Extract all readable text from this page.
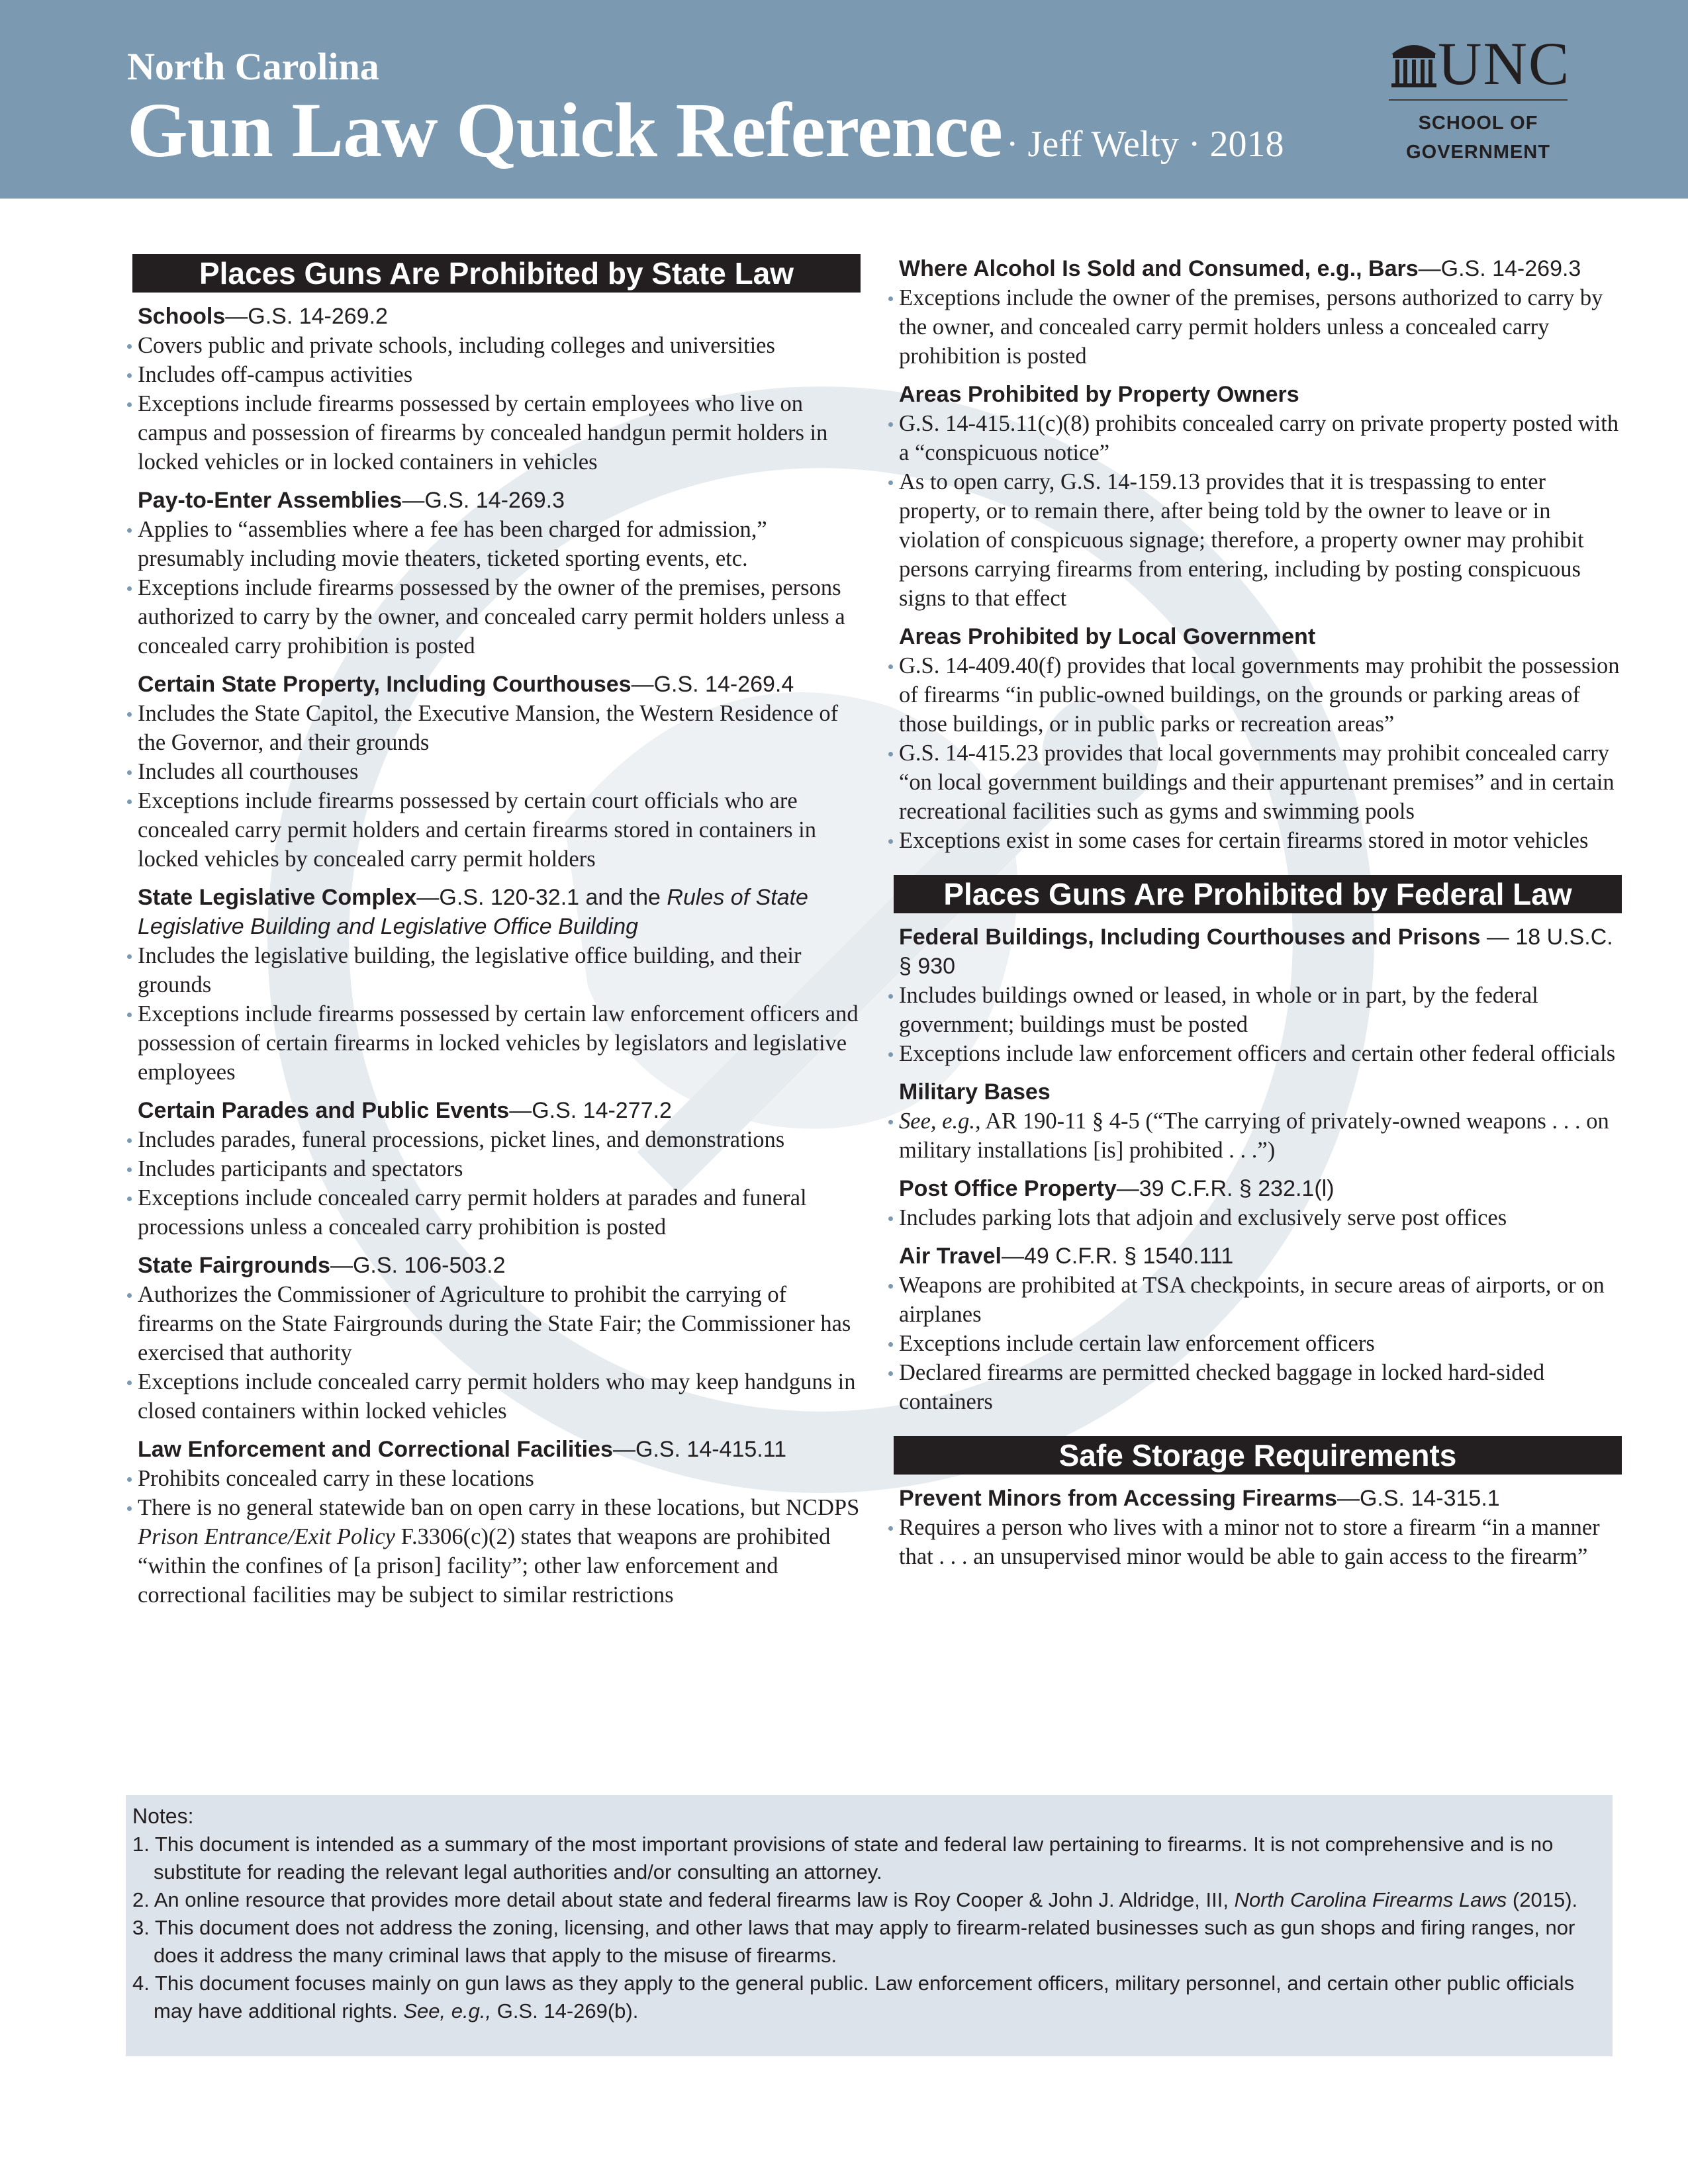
North Carolina
Gun Law Quick Reference · Jeff Welty · 2018
UNC
SCHOOL OF
GOVERNMENT
Places Guns Are Prohibited by State Law
Schools—G.S. 14-269.2
Covers public and private schools, including colleges and universities
Includes off-campus activities
Exceptions include firearms possessed by certain employees who live on campus and possession of firearms by concealed handgun permit holders in locked vehicles or in locked containers in vehicles
Pay-to-Enter Assemblies—G.S. 14-269.3
Applies to “assemblies where a fee has been charged for admission,” presumably including movie theaters, ticketed sporting events, etc.
Exceptions include firearms possessed by the owner of the premises, persons authorized to carry by the owner, and concealed carry permit holders unless a concealed carry prohibition is posted
Certain State Property, Including Courthouses—G.S. 14-269.4
Includes the State Capitol, the Executive Mansion, the Western Residence of the Governor, and their grounds
Includes all courthouses
Exceptions include firearms possessed by certain court officials who are concealed carry permit holders and certain firearms stored in containers in locked vehicles by concealed carry permit holders
State Legislative Complex—G.S. 120-32.1 and the Rules of State Legislative Building and Legislative Office Building
Includes the legislative building, the legislative office building, and their grounds
Exceptions include firearms possessed by certain law enforcement officers and possession of certain firearms in locked vehicles by legislators and legislative employees
Certain Parades and Public Events—G.S. 14-277.2
Includes parades, funeral processions, picket lines, and demonstrations
Includes participants and spectators
Exceptions include concealed carry permit holders at parades and funeral processions unless a concealed carry prohibition is posted
State Fairgrounds—G.S. 106-503.2
Authorizes the Commissioner of Agriculture to prohibit the carrying of firearms on the State Fairgrounds during the State Fair; the Commissioner has exercised that authority
Exceptions include concealed carry permit holders who may keep handguns in closed containers within locked vehicles
Law Enforcement and Correctional Facilities—G.S. 14-415.11
Prohibits concealed carry in these locations
There is no general statewide ban on open carry in these locations, but NCDPS Prison Entrance/Exit Policy F.3306(c)(2) states that weapons are prohibited “within the confines of [a prison] facility”; other law enforcement and correctional facilities may be subject to similar restrictions
Where Alcohol Is Sold and Consumed, e.g., Bars—G.S. 14-269.3
Exceptions include the owner of the premises, persons authorized to carry by the owner, and concealed carry permit holders unless a concealed carry prohibition is posted
Areas Prohibited by Property Owners
G.S. 14-415.11(c)(8) prohibits concealed carry on private property posted with a “conspicuous notice”
As to open carry, G.S. 14-159.13 provides that it is trespassing to enter property, or to remain there, after being told by the owner to leave or in violation of conspicuous signage; therefore, a property owner may prohibit persons carrying firearms from entering, including by posting conspicuous signs to that effect
Areas Prohibited by Local Government
G.S. 14-409.40(f) provides that local governments may prohibit the possession of firearms “in public-owned buildings, on the grounds or parking areas of those buildings, or in public parks or recreation areas”
G.S. 14-415.23 provides that local governments may prohibit concealed carry “on local government buildings and their appurtenant premises” and in certain recreational facilities such as gyms and swimming pools
Exceptions exist in some cases for certain firearms stored in motor vehicles
Places Guns Are Prohibited by Federal Law
Federal Buildings, Including Courthouses and Prisons — 18 U.S.C. § 930
Includes buildings owned or leased, in whole or in part, by the federal government; buildings must be posted
Exceptions include law enforcement officers and certain other federal officials
Military Bases
See, e.g., AR 190-11 § 4-5 (“The carrying of privately-owned weapons . . . on military installations [is] prohibited . . .”)
Post Office Property—39 C.F.R. § 232.1(l)
Includes parking lots that adjoin and exclusively serve post offices
Air Travel—49 C.F.R. § 1540.111
Weapons are prohibited at TSA checkpoints, in secure areas of airports, or on airplanes
Exceptions include certain law enforcement officers
Declared firearms are permitted checked baggage in locked hard-sided containers
Safe Storage Requirements
Prevent Minors from Accessing Firearms—G.S. 14-315.1
Requires a person who lives with a minor not to store a firearm “in a manner that . . . an unsupervised minor would be able to gain access to the firearm”
Notes:
1. This document is intended as a summary of the most important provisions of state and federal law pertaining to firearms. It is not comprehensive and is no substitute for reading the relevant legal authorities and/or consulting an attorney.
2. An online resource that provides more detail about state and federal firearms law is Roy Cooper & John J. Aldridge, III, North Carolina Firearms Laws (2015).
3. This document does not address the zoning, licensing, and other laws that may apply to firearm-related businesses such as gun shops and firing ranges, nor does it address the many criminal laws that apply to the misuse of firearms.
4. This document focuses mainly on gun laws as they apply to the general public. Law enforcement officers, military personnel, and certain other public officials may have additional rights. See, e.g., G.S. 14-269(b).
